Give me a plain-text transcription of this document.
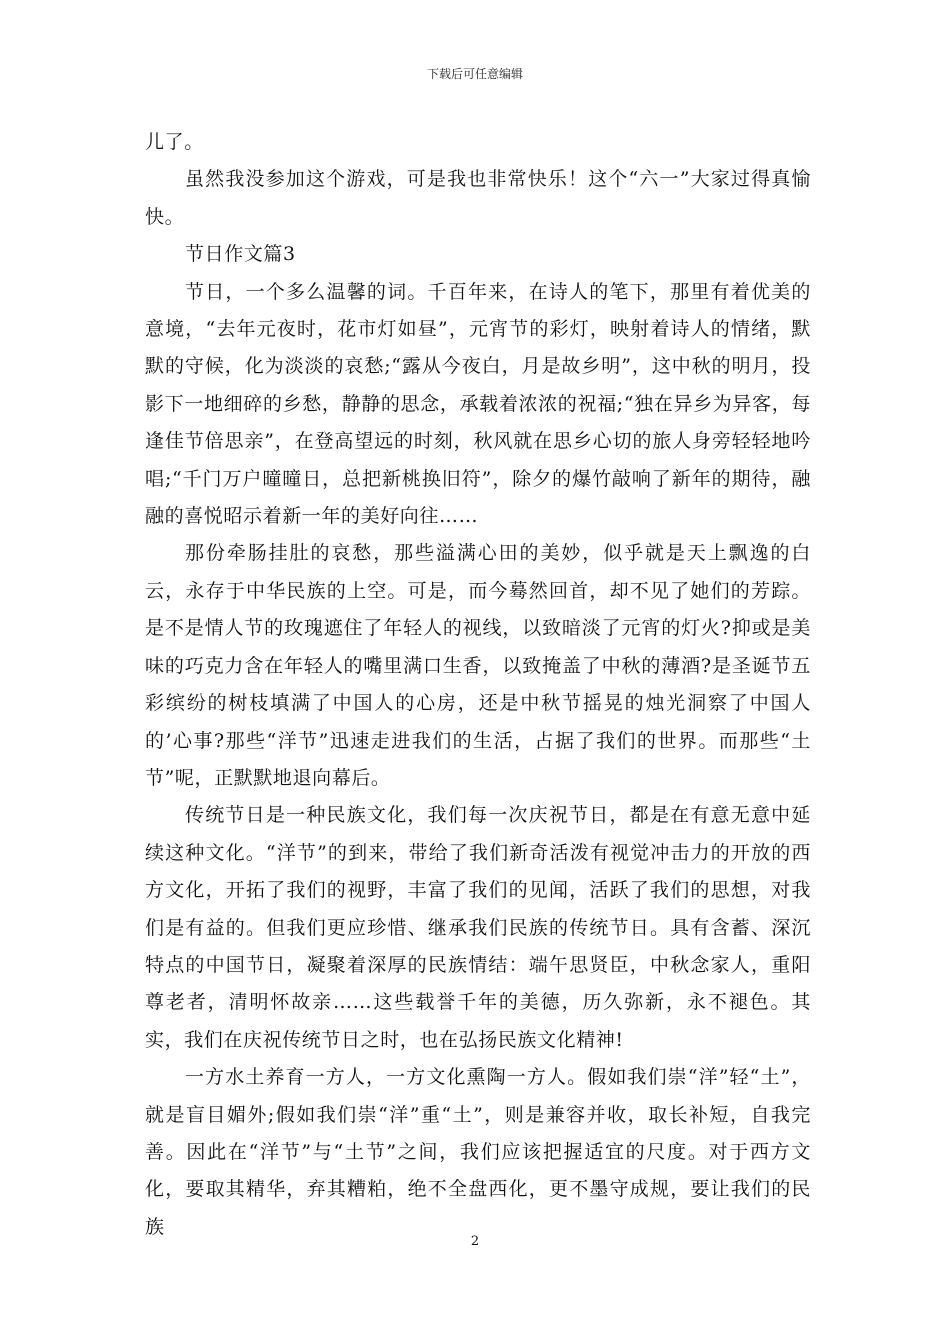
下载后可任意编辑

儿了。

虽然我没参加这个游戏，可是我也非常快乐！这个“六一”大家过得真愉快。

节日作文篇3

节日，一个多么温馨的词。千百年来，在诗人的笔下，那里有着优美的意境，“去年元夜时，花市灯如昼”，元宵节的彩灯，映射着诗人的情绪，默默的守候，化为淡淡的哀愁;“露从今夜白，月是故乡明”，这中秋的明月，投影下一地细碎的乡愁，静静的思念，承载着浓浓的祝福;“独在异乡为异客，每逢佳节倍思亲”，在登高望远的时刻，秋风就在思乡心切的旅人身旁轻轻地吟唱;“千门万户曈曈日，总把新桃换旧符”，除夕的爆竹敲响了新年的期待，融融的喜悦昭示着新一年的美好向往……

那份牵肠挂肚的哀愁，那些溢满心田的美妙，似乎就是天上飘逸的白云，永存于中华民族的上空。可是，而今蓦然回首，却不见了她们的芳踪。是不是情人节的玫瑰遮住了年轻人的视线，以致暗淡了元宵的灯火?抑或是美味的巧克力含在年轻人的嘴里满口生香，以致掩盖了中秋的薄酒?是圣诞节五彩缤纷的树枝填满了中国人的心房，还是中秋节摇晃的烛光洞察了中国人的’心事?那些“洋节”迅速走进我们的生活，占据了我们的世界。而那些“土节”呢，正默默地退向幕后。

传统节日是一种民族文化，我们每一次庆祝节日，都是在有意无意中延续这种文化。“洋节”的到来，带给了我们新奇活泼有视觉冲击力的开放的西方文化，开拓了我们的视野，丰富了我们的见闻，活跃了我们的思想，对我们是有益的。但我们更应珍惜、继承我们民族的传统节日。具有含蓄、深沉特点的中国节日，凝聚着深厚的民族情结：端午思贤臣，中秋念家人，重阳尊老者，清明怀故亲……这些载誉千年的美德，历久弥新，永不褪色。其实，我们在庆祝传统节日之时，也在弘扬民族文化精神!

一方水土养育一方人，一方文化熏陶一方人。假如我们崇“洋”轻“土”，就是盲目媚外;假如我们崇“洋”重“土”，则是兼容并收，取长补短，自我完善。因此在“洋节”与“土节”之间，我们应该把握适宜的尺度。对于西方文化，要取其精华，弃其糟粕，绝不全盘西化，更不墨守成规，要让我们的民族

2
